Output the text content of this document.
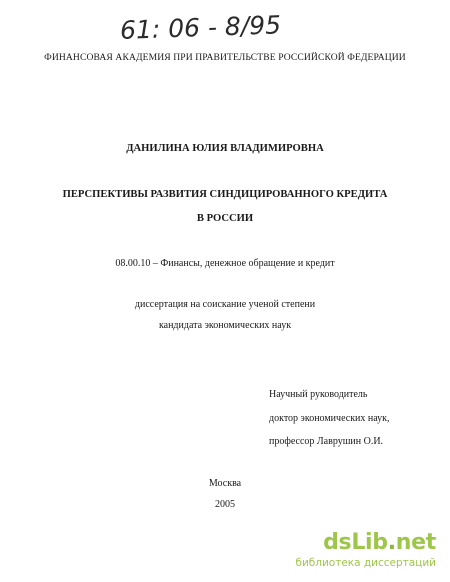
61: 06 - 8/95
ФИНАНСОВАЯ АКАДЕМИЯ ПРИ ПРАВИТЕЛЬСТВЕ РОССИЙСКОЙ ФЕДЕРАЦИИ
ДАНИЛИНА ЮЛИЯ ВЛАДИМИРОВНА
ПЕРСПЕКТИВЫ РАЗВИТИЯ СИНДИЦИРОВАННОГО КРЕДИТА
В РОССИИ
08.00.10 – Финансы, денежное обращение и кредит
диссертация на соискание ученой степени
кандидата экономических наук
Научный руководитель
доктор экономических наук,
профессор Лаврушин О.И.
Москва
2005
dsLib.net
библиотека диссертаций
